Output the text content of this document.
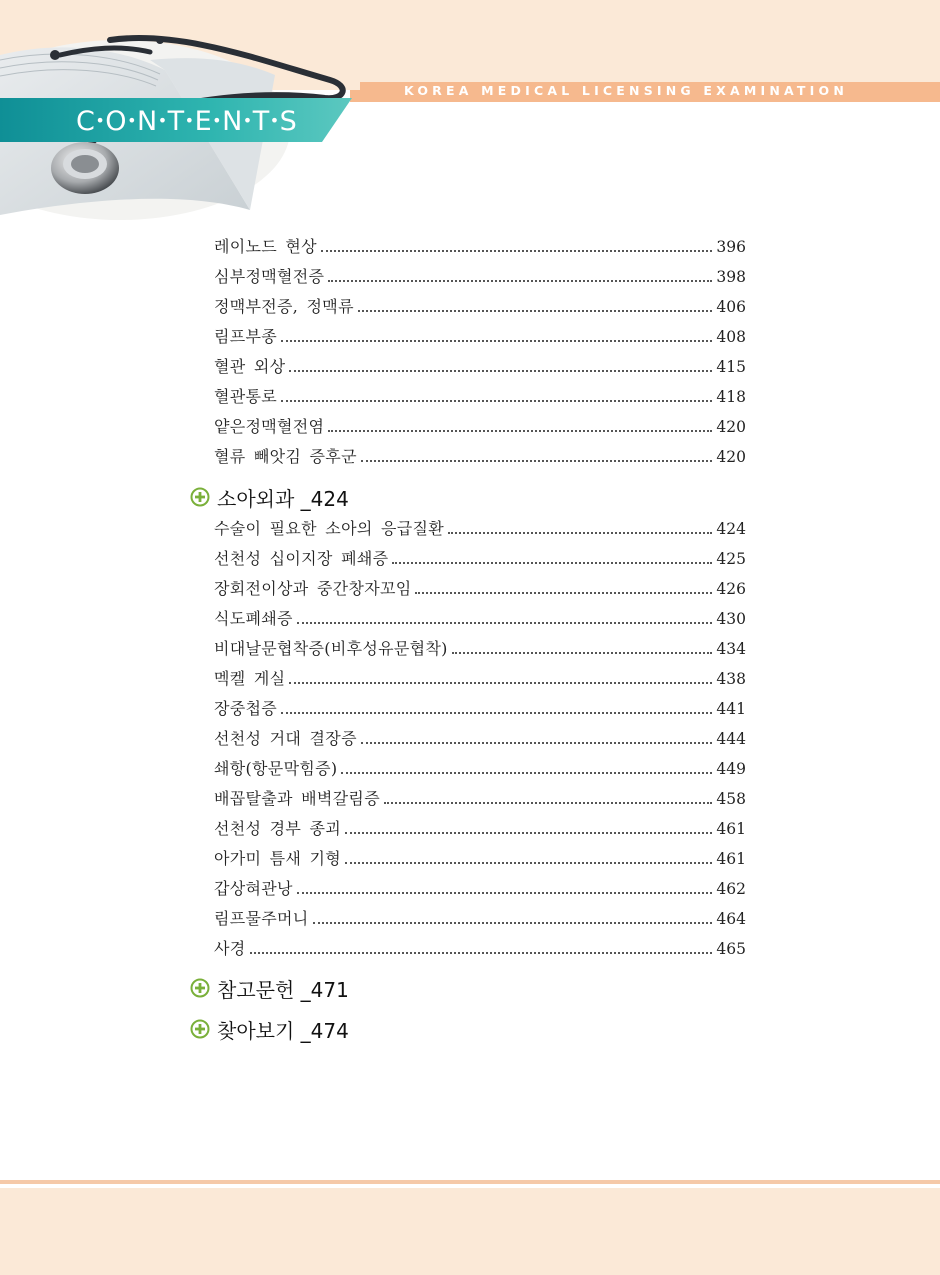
KOREA MEDICAL LICENSING EXAMINATION
C•O•N•T•E•N•T•S
레이노드 현상	396
심부정맥혈전증	398
정맥부전증, 정맥류	406
림프부종	408
혈관 외상	415
혈관통로	418
얕은정맥혈전염	420
혈류 빼앗김 증후군	420
소아외과 _424
수술이 필요한 소아의 응급질환	424
선천성 십이지장 폐쇄증	425
장회전이상과 중간창자꼬임	426
식도폐쇄증	430
비대날문협착증(비후성유문협착)	434
멕켈 게실	438
장중첩증	441
선천성 거대 결장증	444
쇄항(항문막힘증)	449
배꼽탈출과 배벽갈림증	458
선천성 경부 종괴	461
아가미 틈새 기형	461
갑상혀관낭	462
림프물주머니	464
사경	465
참고문헌 _471
찾아보기 _474
